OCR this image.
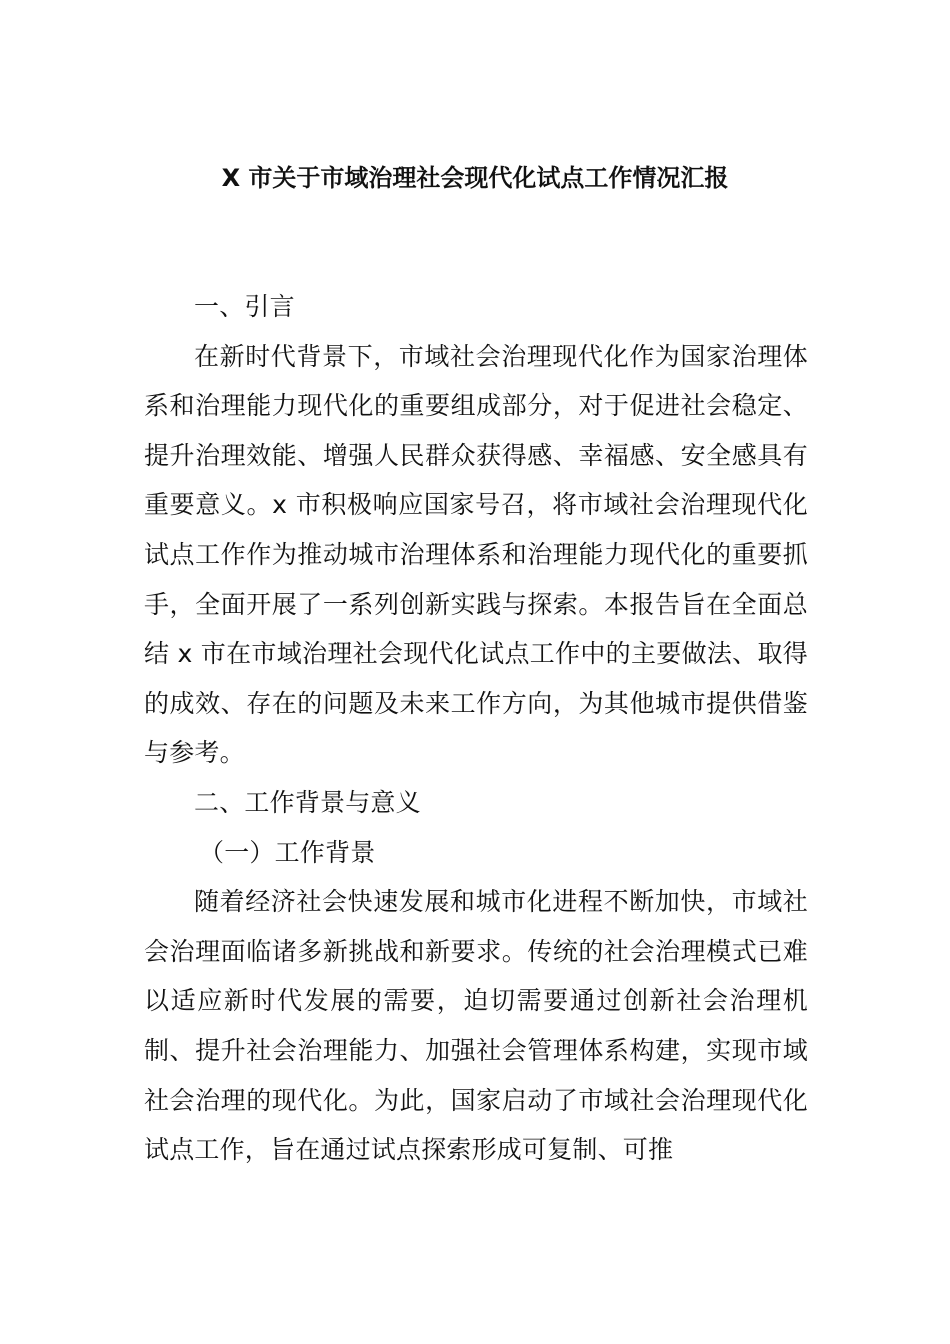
X 市关于市域治理社会现代化试点工作情况汇报

一、引言

在新时代背景下，市域社会治理现代化作为国家治理体系和治理能力现代化的重要组成部分，对于促进社会稳定、提升治理效能、增强人民群众获得感、幸福感、安全感具有重要意义。x 市积极响应国家号召，将市域社会治理现代化试点工作作为推动城市治理体系和治理能力现代化的重要抓手，全面开展了一系列创新实践与探索。本报告旨在全面总结 x 市在市域治理社会现代化试点工作中的主要做法、取得的成效、存在的问题及未来工作方向，为其他城市提供借鉴与参考。

二、工作背景与意义

（一）工作背景

随着经济社会快速发展和城市化进程不断加快，市域社会治理面临诸多新挑战和新要求。传统的社会治理模式已难以适应新时代发展的需要，迫切需要通过创新社会治理机制、提升社会治理能力、加强社会管理体系构建，实现市域社会治理的现代化。为此，国家启动了市域社会治理现代化试点工作，旨在通过试点探索形成可复制、可推
